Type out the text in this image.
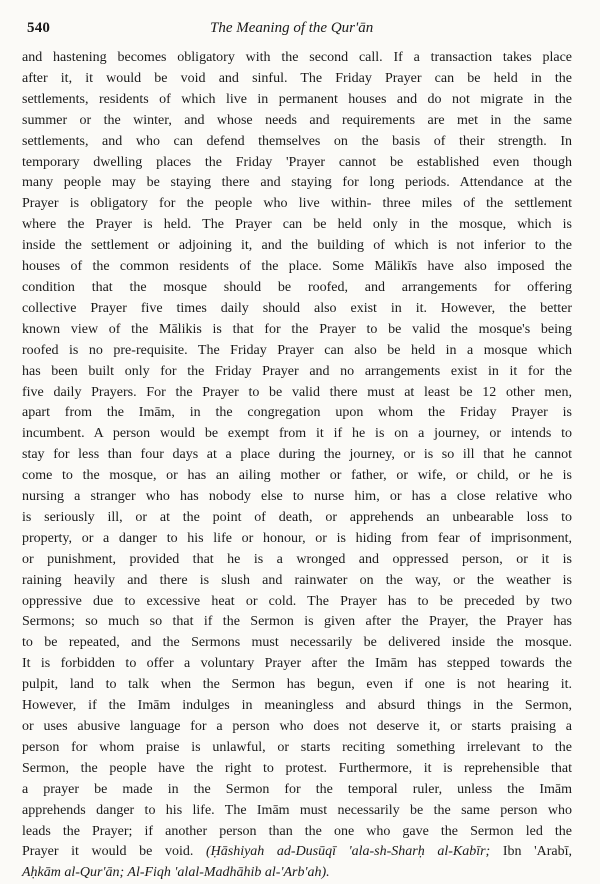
540	The Meaning of the Qur'ān
and hastening becomes obligatory with the second call. If a transaction takes place
after it, it would be void and sinful. The Friday Prayer can be held in the
settlements, residents of which live in permanent houses and do not migrate in the
summer or the winter, and whose needs and requirements are met in the same
settlements, and who can defend themselves on the basis of their strength. In
temporary dwelling places the Friday 'Prayer cannot be established even though
many people may be staying there and staying for long periods. Attendance at the
Prayer is obligatory for the people who live within- three miles of the settlement
where the Prayer is held. The Prayer can be held only in the mosque, which is
inside the settlement or adjoining it, and the building of which is not inferior to the
houses of the common residents of the place. Some Mālikīs have also imposed the
condition that the mosque should be roofed, and arrangements for offering
collective Prayer five times daily should also exist in it. However, the better
known view of the Mālikis is that for the Prayer to be valid the mosque's being
roofed is no pre-requisite. The Friday Prayer can also be held in a mosque which
has been built only for the Friday Prayer and no arrangements exist in it for the
five daily Prayers. For the Prayer to be valid there must at least be 12 other men,
apart from the Imām, in the congregation upon whom the Friday Prayer is
incumbent. A person would be exempt from it if he is on a journey, or intends to
stay for less than four days at a place during the journey, or is so ill that he cannot
come to the mosque, or has an ailing mother or father, or wife, or child, or he is
nursing a stranger who has nobody else to nurse him, or has a close relative who
is seriously ill, or at the point of death, or apprehends an unbearable loss to
property, or a danger to his life or honour, or is hiding from fear of imprisonment,
or punishment, provided that he is a wronged and oppressed person, or it is
raining heavily and there is slush and rainwater on the way, or the weather is
oppressive due to excessive heat or cold. The Prayer has to be preceded by two
Sermons; so much so that if the Sermon is given after the Prayer, the Prayer has
to be repeated, and the Sermons must necessarily be delivered inside the mosque.
It is forbidden to offer a voluntary Prayer after the Imām has stepped towards the
pulpit, land to talk when the Sermon has begun, even if one is not hearing it.
However, if the Imām indulges in meaningless and absurd things in the Sermon,
or uses abusive language for a person who does not deserve it, or starts praising a
person for whom praise is unlawful, or starts reciting something irrelevant to the
Sermon, the people have the right to protest. Furthermore, it is reprehensible that
a prayer be made in the Sermon for the temporal ruler, unless the Imām
apprehends danger to his life. The Imām must necessarily be the same person who
leads the Prayer; if another person than the one who gave the Sermon led the
Prayer it would be void. (Ḥāshiyah ad-Dusūqī 'ala-sh-Sharḥ al-Kabīr; Ibn 'Arabī,
Aḥkām al-Qur'ān; Al-Fiqh 'alal-Madhāhib al-'Arb'ah).
